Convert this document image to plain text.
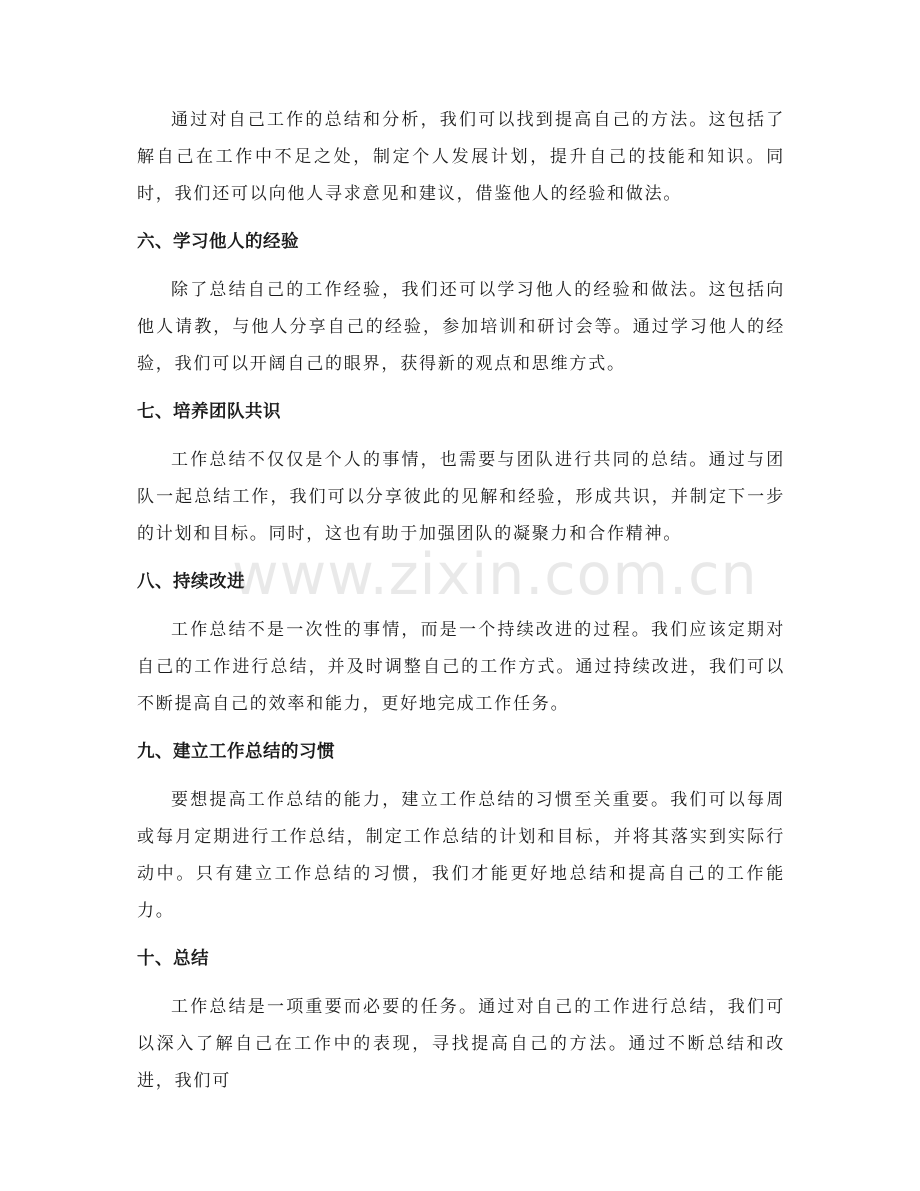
通过对自己工作的总结和分析，我们可以找到提高自己的方法。这包括了解自己在工作中不足之处，制定个人发展计划，提升自己的技能和知识。同时，我们还可以向他人寻求意见和建议，借鉴他人的经验和做法。

六、学习他人的经验

除了总结自己的工作经验，我们还可以学习他人的经验和做法。这包括向他人请教，与他人分享自己的经验，参加培训和研讨会等。通过学习他人的经验，我们可以开阔自己的眼界，获得新的观点和思维方式。

七、培养团队共识

工作总结不仅仅是个人的事情，也需要与团队进行共同的总结。通过与团队一起总结工作，我们可以分享彼此的见解和经验，形成共识，并制定下一步的计划和目标。同时，这也有助于加强团队的凝聚力和合作精神。

八、持续改进

工作总结不是一次性的事情，而是一个持续改进的过程。我们应该定期对自己的工作进行总结，并及时调整自己的工作方式。通过持续改进，我们可以不断提高自己的效率和能力，更好地完成工作任务。

九、建立工作总结的习惯

要想提高工作总结的能力，建立工作总结的习惯至关重要。我们可以每周或每月定期进行工作总结，制定工作总结的计划和目标，并将其落实到实际行动中。只有建立工作总结的习惯，我们才能更好地总结和提高自己的工作能力。

十、总结

工作总结是一项重要而必要的任务。通过对自己的工作进行总结，我们可以深入了解自己在工作中的表现，寻找提高自己的方法。通过不断总结和改进，我们可

www.zixin.com.cn
